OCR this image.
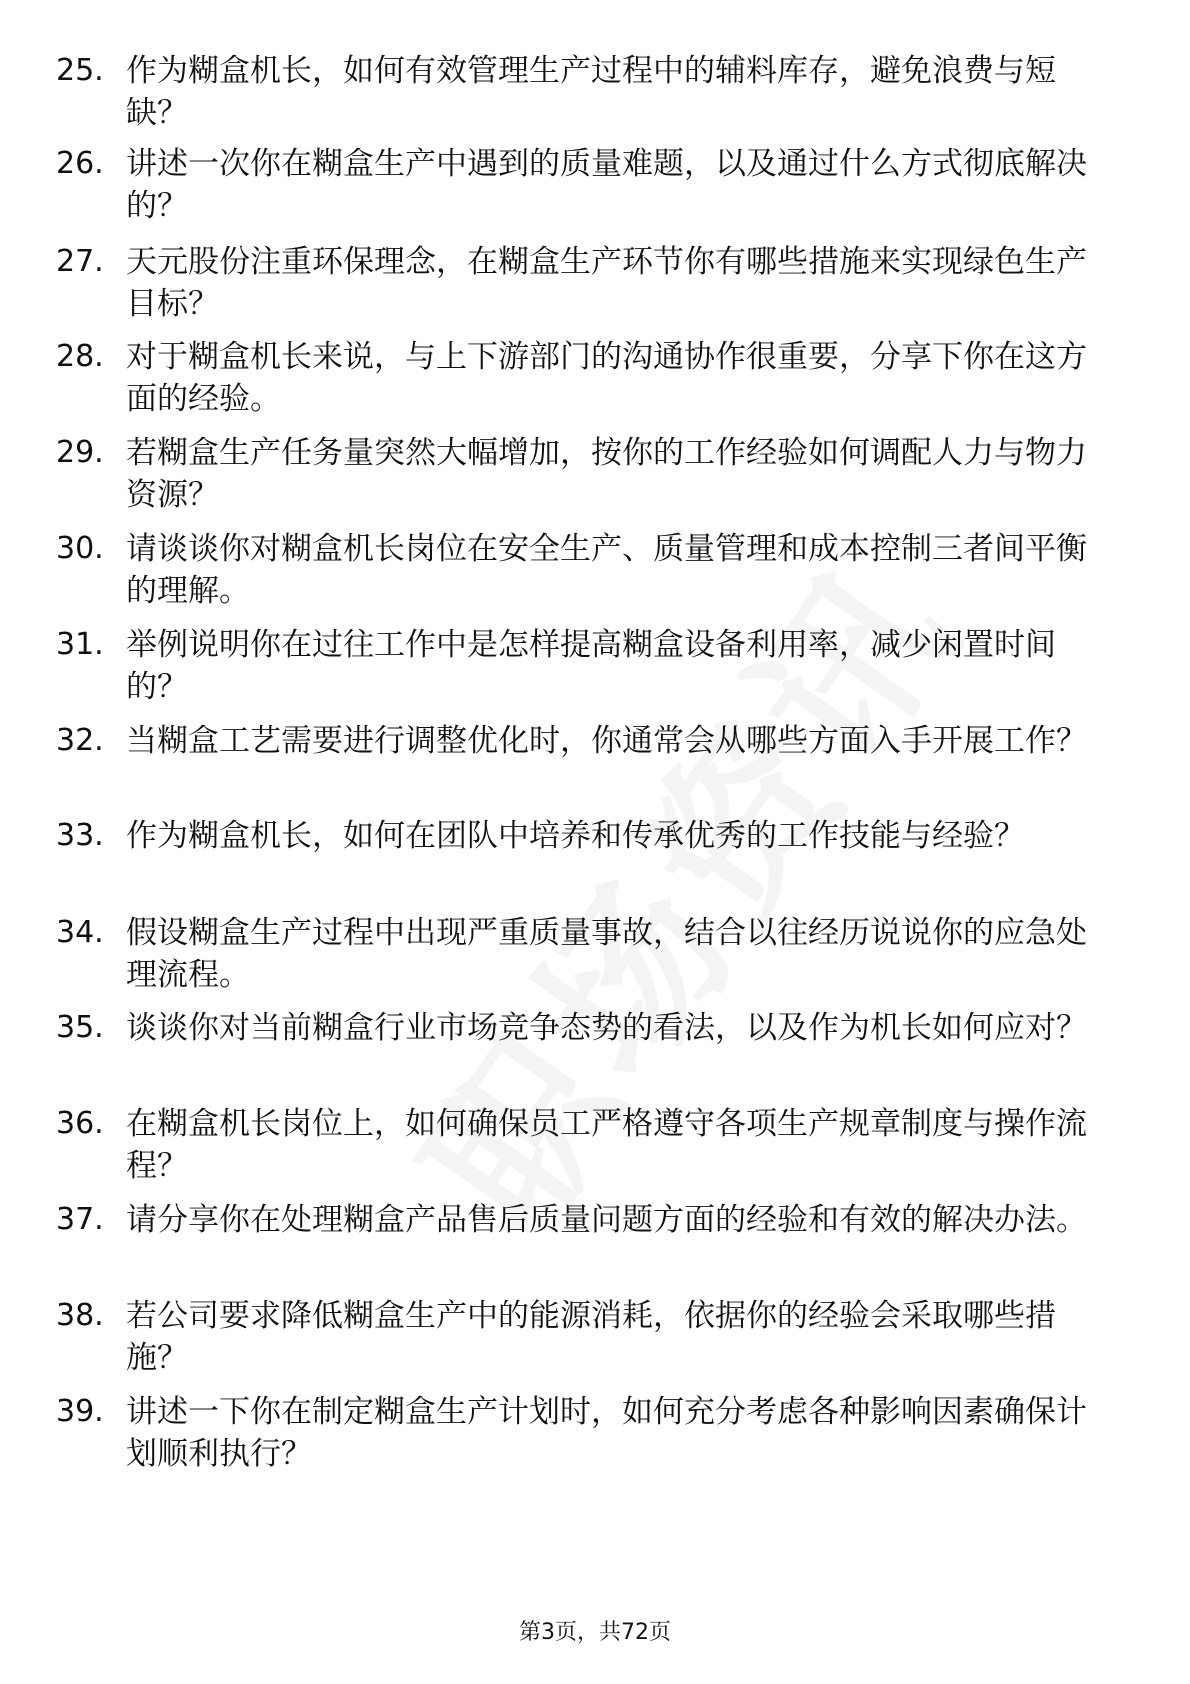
25. 作为糊盒机长，如何有效管理生产过程中的辅料库存，避免浪费与短缺？
26. 讲述一次你在糊盒生产中遇到的质量难题，以及通过什么方式彻底解决的？
27. 天元股份注重环保理念，在糊盒生产环节你有哪些措施来实现绿色生产目标？
28. 对于糊盒机长来说，与上下游部门的沟通协作很重要，分享下你在这方面的经验。
29. 若糊盒生产任务量突然大幅增加，按你的工作经验如何调配人力与物力资源？
30. 请谈谈你对糊盒机长岗位在安全生产、质量管理和成本控制三者间平衡的理解。
31. 举例说明你在过往工作中是怎样提高糊盒设备利用率，减少闲置时间的？
32. 当糊盒工艺需要进行调整优化时，你通常会从哪些方面入手开展工作？
33. 作为糊盒机长，如何在团队中培养和传承优秀的工作技能与经验？
34. 假设糊盒生产过程中出现严重质量事故，结合以往经历说说你的应急处理流程。
35. 谈谈你对当前糊盒行业市场竞争态势的看法，以及作为机长如何应对？
36. 在糊盒机长岗位上，如何确保员工严格遵守各项生产规章制度与操作流程？
37. 请分享你在处理糊盒产品售后质量问题方面的经验和有效的解决办法。
38. 若公司要求降低糊盒生产中的能源消耗，依据你的经验会采取哪些措施？
39. 讲述一下你在制定糊盒生产计划时，如何充分考虑各种影响因素确保计划顺利执行？
第3页，共72页
